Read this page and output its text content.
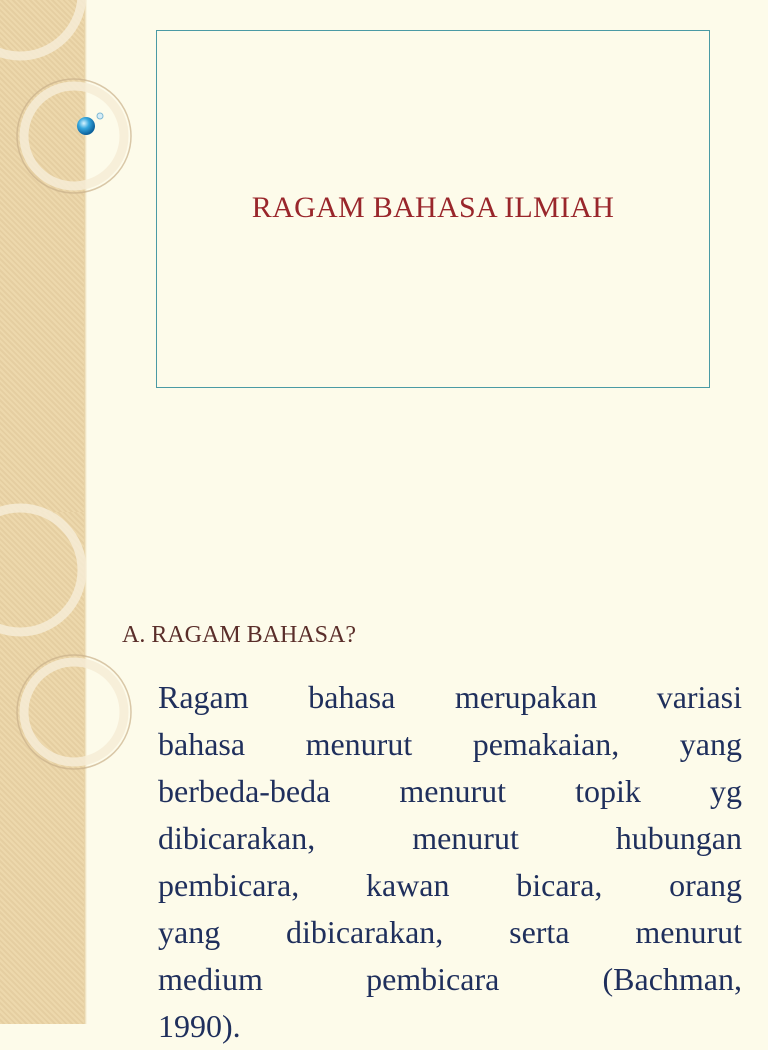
RAGAM BAHASA ILMIAH
A. RAGAM BAHASA?
Ragam bahasa merupakan variasi
bahasa menurut pemakaian, yang
berbeda-beda menurut topik yg
dibicarakan,	menurut	hubungan
pembicara, kawan bicara, orang
yang dibicarakan, serta menurut
medium	pembicara	(Bachman,
1990).
